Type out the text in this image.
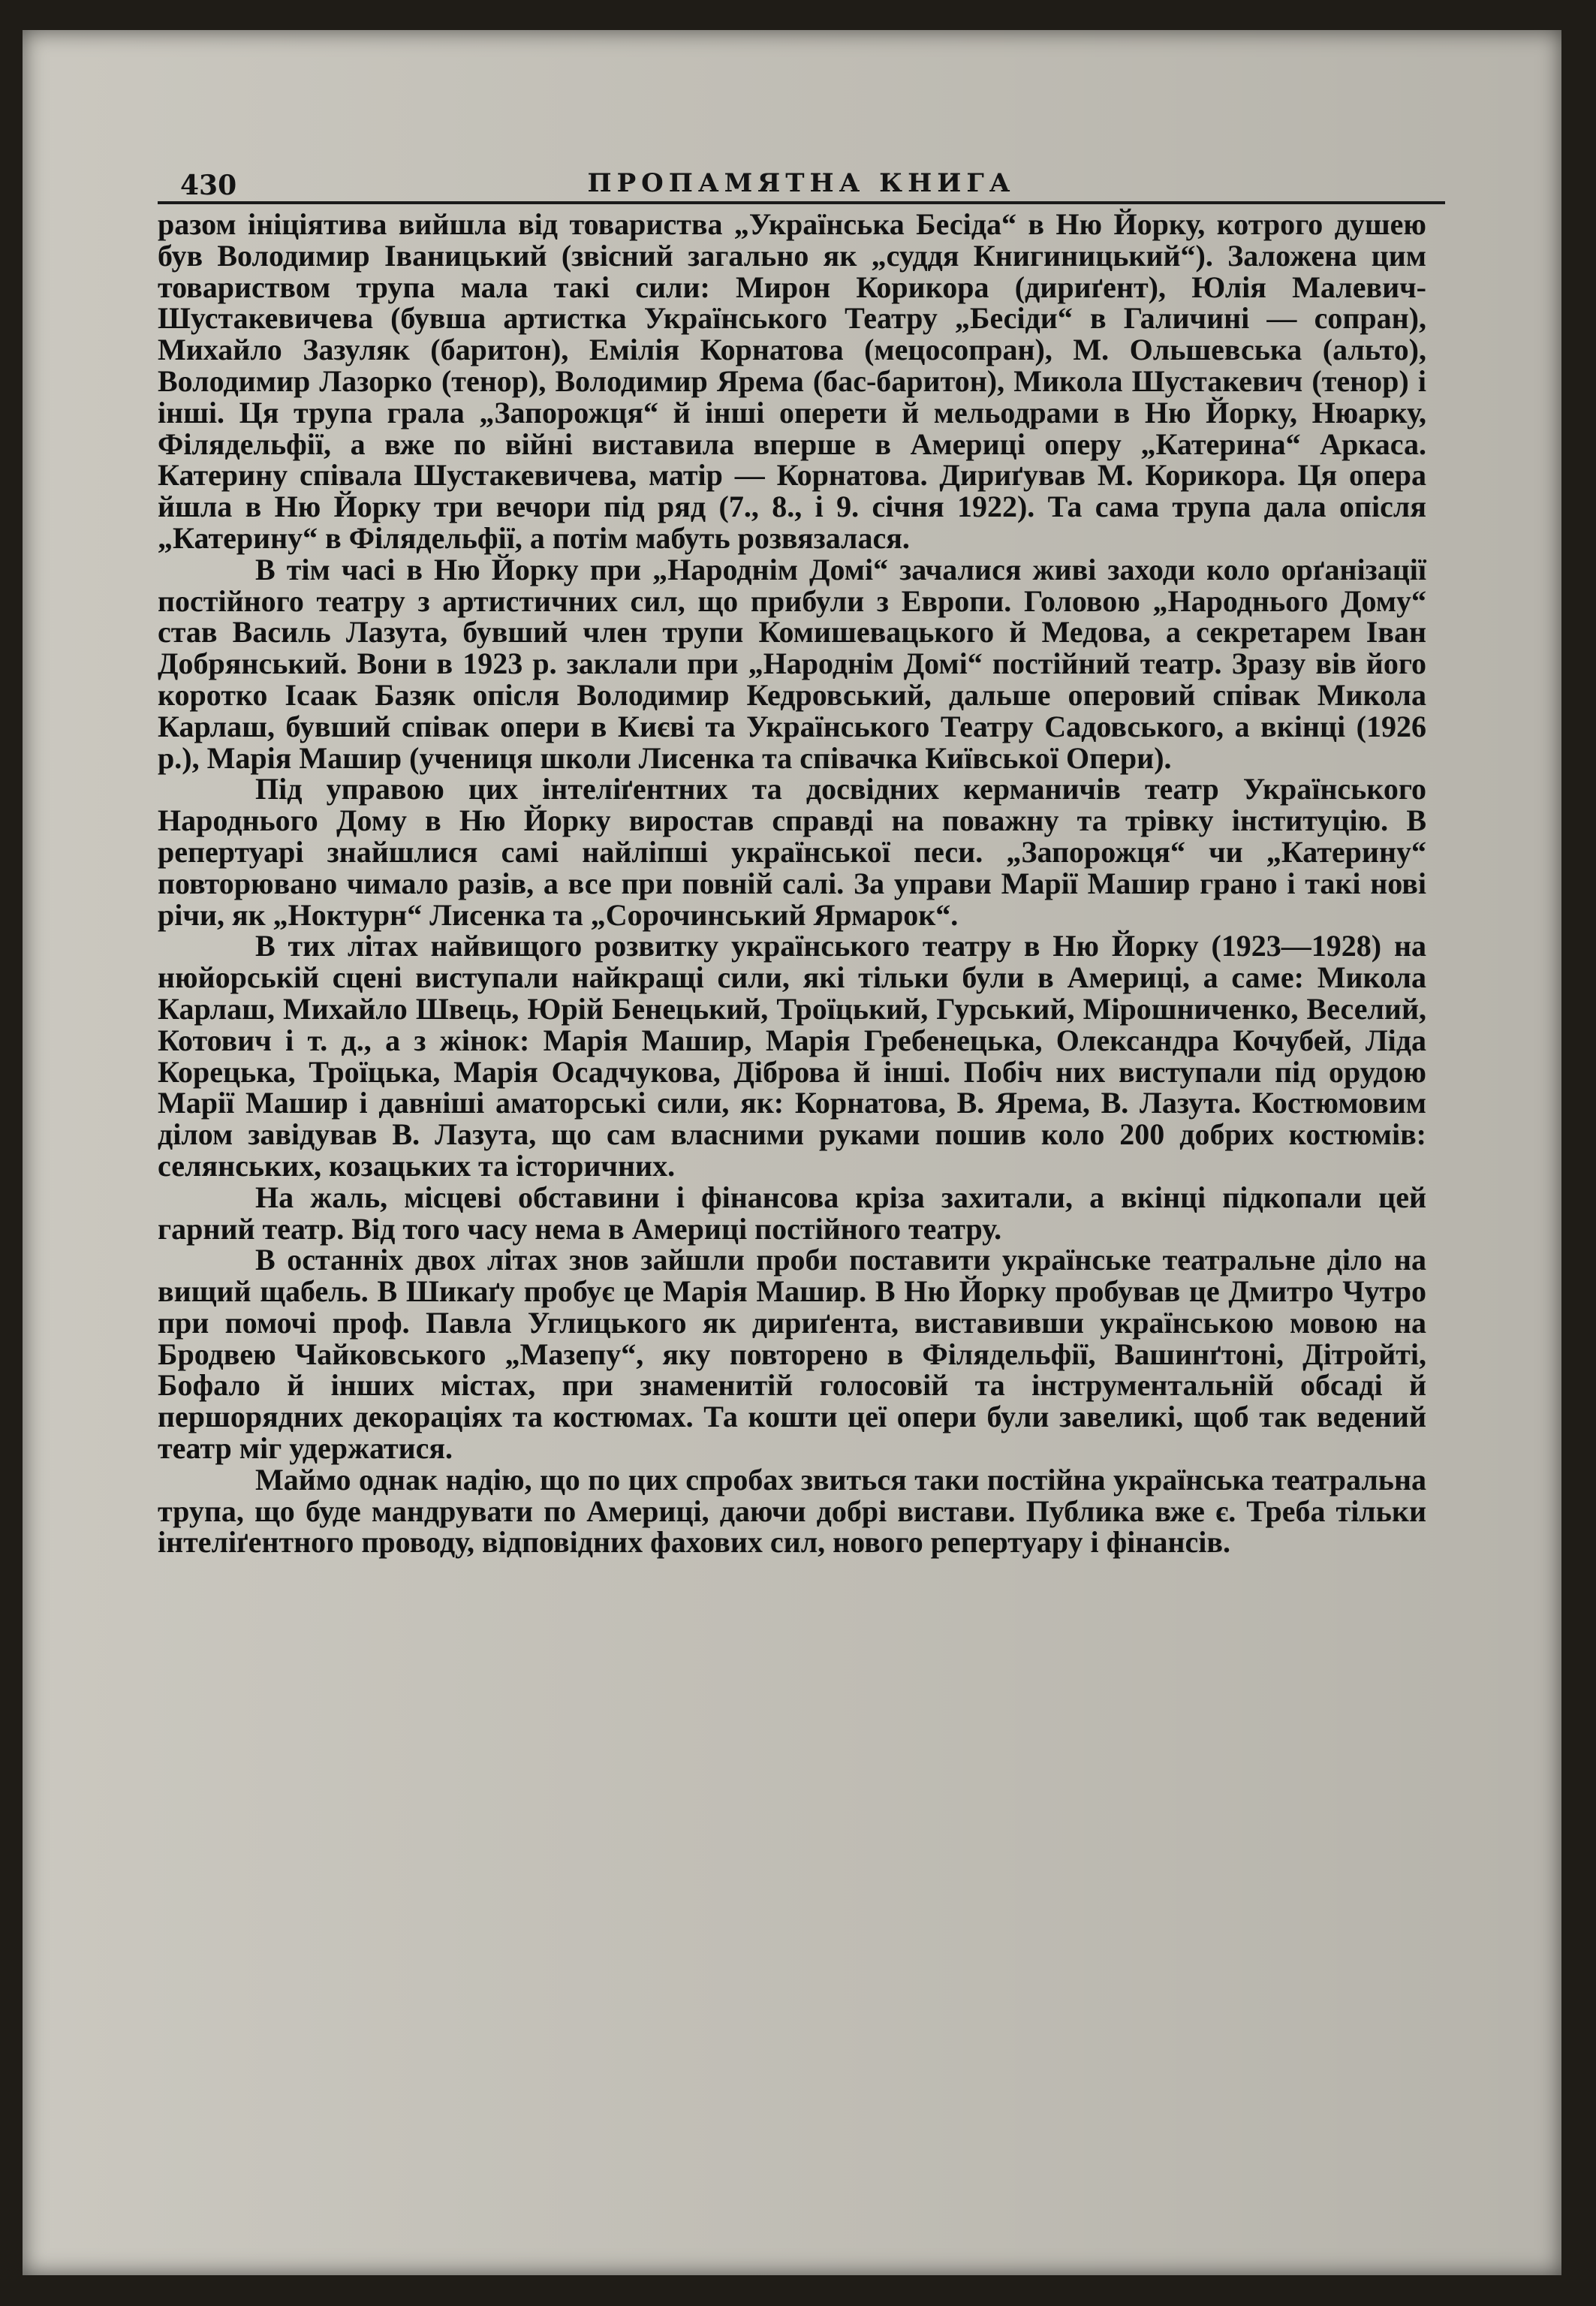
430	ПРОПАМЯТНА КНИГА

разом ініціятива вийшла від товариства „Українська Бесіда“ в Ню Йорку, котрого душею був Володимир Іваницький (звісний загально як „суддя Книгиницький“). Заложена цим товариством трупа мала такі сили: Мирон Корикора (дириґент), Юлія Малевич-Шустакевичева (бувша артистка Українського Театру „Бесіди“ в Галичині — сопран), Михайло Зазуляк (баритон), Емілія Корнатова (мецосопран), М. Ольшевська (альто), Володимир Лазорко (тенор), Володимир Ярема (бас-баритон), Микола Шустакевич (тенор) і інші. Ця трупа грала „Запорожця“ й інші оперети й мельодрами в Ню Йорку, Нюарку, Філядельфії, а вже по війні виставила вперше в Америці оперу „Катерина“ Аркаса. Катерину співала Шустакевичева, матір — Корнатова. Дириґував М. Корикора. Ця опера йшла в Ню Йорку три вечори під ряд (7., 8., і 9. січня 1922). Та сама трупа дала опісля „Катерину“ в Філядельфії, а потім мабуть розвязалася.

В тім часі в Ню Йорку при „Народнім Домі“ зачалися живі заходи коло орґанізації постійного театру з артистичних сил, що прибули з Европи. Головою „Народнього Дому“ став Василь Лазута, бувший член трупи Комишевацького й Медова, а секретарем Іван Добрянський. Вони в 1923 р. заклали при „Народнім Домі“ постійний театр. Зразу вів його коротко Ісаак Базяк опісля Володимир Кедровський, дальше оперовий співак Микола Карлаш, бувший співак опери в Києві та Українського Театру Садовського, а вкінці (1926 р.), Марія Машир (учениця школи Лисенка та співачка Київської Опери).

Під управою цих інтеліґентних та досвідних керманичів театр Українського Народнього Дому в Ню Йорку виростав справді на поважну та трівку інституцію. В репертуарі знайшлися самі найліпші української песи. „Запорожця“ чи „Катерину“ повторювано чимало разів, а все при повній салі. За управи Марії Машир грано і такі нові річи, як „Ноктурн“ Лисенка та „Сорочинський Ярмарок“.

В тих літах найвищого розвитку українського театру в Ню Йорку (1923—1928) на нюйорській сцені виступали найкращі сили, які тільки були в Америці, а саме: Микола Карлаш, Михайло Швець, Юрій Бенецький, Троїцький, Гурський, Мірошниченко, Веселий, Котович і т. д., а з жінок: Марія Машир, Марія Гребенецька, Олександра Кочубей, Ліда Корецька, Троїцька, Марія Осадчукова, Діброва й інші. Побіч них виступали під орудою Марії Машир і давніші аматорські сили, як: Корнатова, В. Ярема, В. Лазута. Костюмовим ділом завідував В. Лазута, що сам власними руками пошив коло 200 добрих костюмів: селянських, козацьких та історичних.

На жаль, місцеві обставини і фінансова кріза захитали, а вкінці підкопали цей гарний театр. Від того часу нема в Америці постійного театру.

В останніх двох літах знов зайшли проби поставити українське театральне діло на вищий щабель. В Шикаґу пробує це Марія Машир. В Ню Йорку пробував це Дмитро Чутро при помочі проф. Павла Углицького як дириґента, виставивши українською мовою на Бродвею Чайковського „Мазепу“, яку повторено в Філядельфії, Вашинґтоні, Дітройті, Бофало й інших містах, при знаменитій голосовій та інструментальній обсаді й першорядних декораціях та костюмах. Та кошти цеї опери були завеликі, щоб так ведений театр міг удержатися.

Маймо однак надію, що по цих спробах звиться таки постійна українська театральна трупа, що буде мандрувати по Америці, даючи добрі вистави. Публика вже є. Треба тільки інтеліґентного проводу, відповідних фахових сил, нового репертуару і фінансів.
